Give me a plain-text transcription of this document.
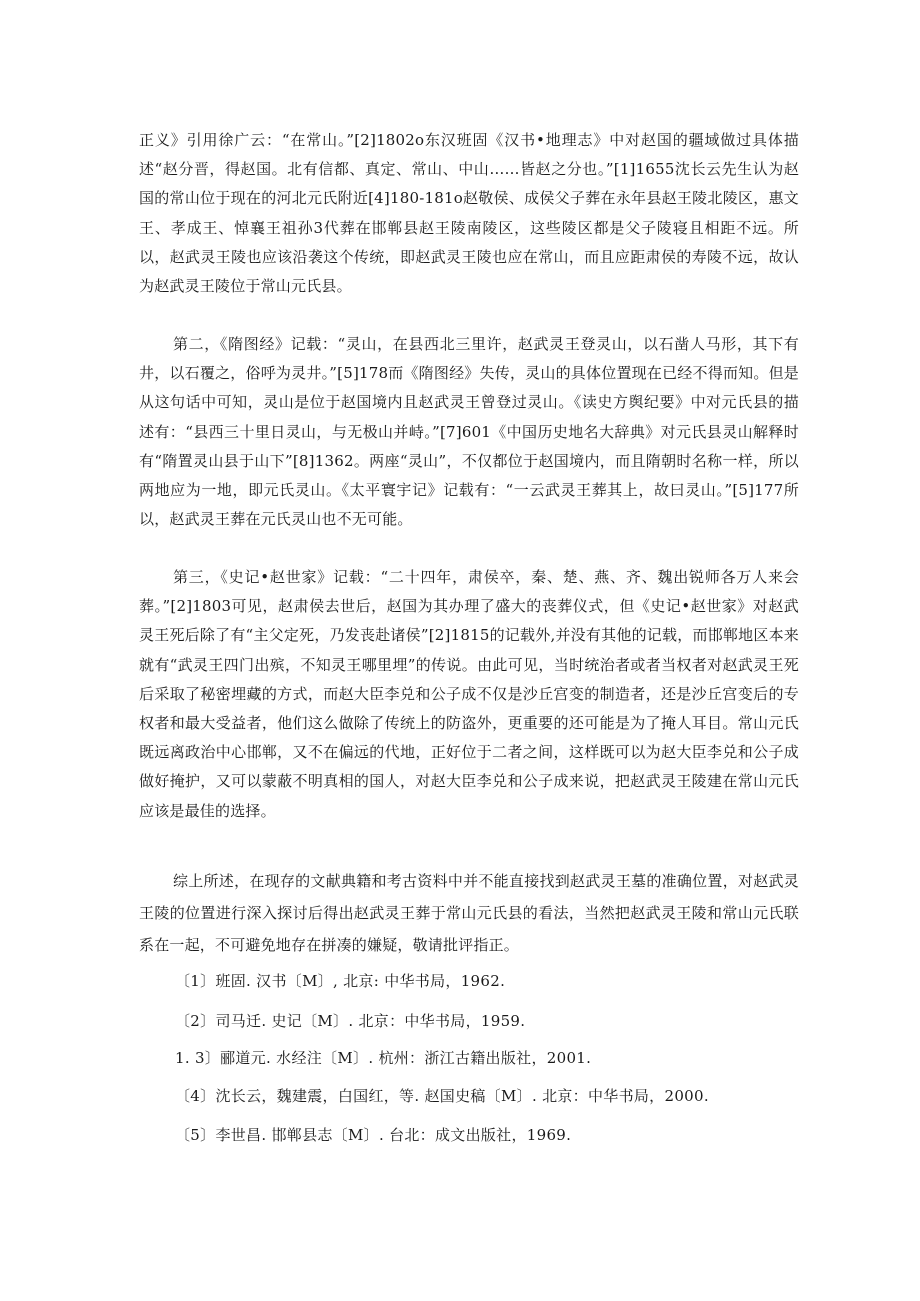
正义》引用徐广云：“在常山。”[2]1802o东汉班固《汉书•地理志》中对赵国的疆域做过具体描述“赵分晋，得赵国。北有信都、真定、常山、中山……皆赵之分也。”[1]1655沈长云先生认为赵国的常山位于现在的河北元氏附近[4]180-181o赵敬侯、成侯父子葬在永年县赵王陵北陵区，惠文王、孝成王、悼襄王祖孙3代葬在邯郸县赵王陵南陵区，这些陵区都是父子陵寝且相距不远。所以，赵武灵王陵也应该沿袭这个传统，即赵武灵王陵也应在常山，而且应距肃侯的寿陵不远，故认为赵武灵王陵位于常山元氏县。

第二，《隋图经》记载：“灵山，在县西北三里许，赵武灵王登灵山，以石凿人马形，其下有井，以石覆之，俗呼为灵井。”[5]178而《隋图经》失传，灵山的具体位置现在已经不得而知。但是从这句话中可知，灵山是位于赵国境内且赵武灵王曾登过灵山。《读史方舆纪要》中对元氏县的描述有：“县西三十里日灵山，与无极山并峙。”[7]601《中国历史地名大辞典》对元氏县灵山解释时有“隋置灵山县于山下”[8]1362。两座“灵山”，不仅都位于赵国境内，而且隋朝时名称一样，所以两地应为一地，即元氏灵山。《太平寰宇记》记载有：“一云武灵王葬其上，故曰灵山。”[5]177所以，赵武灵王葬在元氏灵山也不无可能。

第三，《史记•赵世家》记载：“二十四年，肃侯卒，秦、楚、燕、齐、魏出锐师各万人来会葬。”[2]1803可见，赵肃侯去世后，赵国为其办理了盛大的丧葬仪式，但《史记•赵世家》对赵武灵王死后除了有“主父定死，乃发丧赴诸侯”[2]1815的记载外,并没有其他的记载，而邯郸地区本来就有“武灵王四门出殡，不知灵王哪里埋”的传说。由此可见，当时统治者或者当权者对赵武灵王死后采取了秘密埋藏的方式，而赵大臣李兑和公子成不仅是沙丘宫变的制造者，还是沙丘宫变后的专权者和最大受益者，他们这么做除了传统上的防盗外，更重要的还可能是为了掩人耳目。常山元氏既远离政治中心邯郸，又不在偏远的代地，正好位于二者之间，这样既可以为赵大臣李兑和公子成做好掩护，又可以蒙蔽不明真相的国人，对赵大臣李兑和公子成来说，把赵武灵王陵建在常山元氏应该是最佳的选择。

综上所述，在现存的文献典籍和考古资料中并不能直接找到赵武灵王墓的准确位置，对赵武灵王陵的位置进行深入探讨后得出赵武灵王葬于常山元氏县的看法，当然把赵武灵王陵和常山元氏联系在一起，不可避免地存在拼凑的嫌疑，敬请批评指正。

〔1〕班固. 汉书〔M〕, 北京: 中华书局，1962.

〔2〕司马迁. 史记〔M〕. 北京：中华书局，1959.

1. 3〕郦道元. 水经注〔M〕. 杭州：浙江古籍出版社，2001.

〔4〕沈长云，魏建震，白国红，等. 赵国史稿〔M〕. 北京：中华书局，2000.

〔5〕李世昌. 邯郸县志〔M〕. 台北：成文出版社，1969.
